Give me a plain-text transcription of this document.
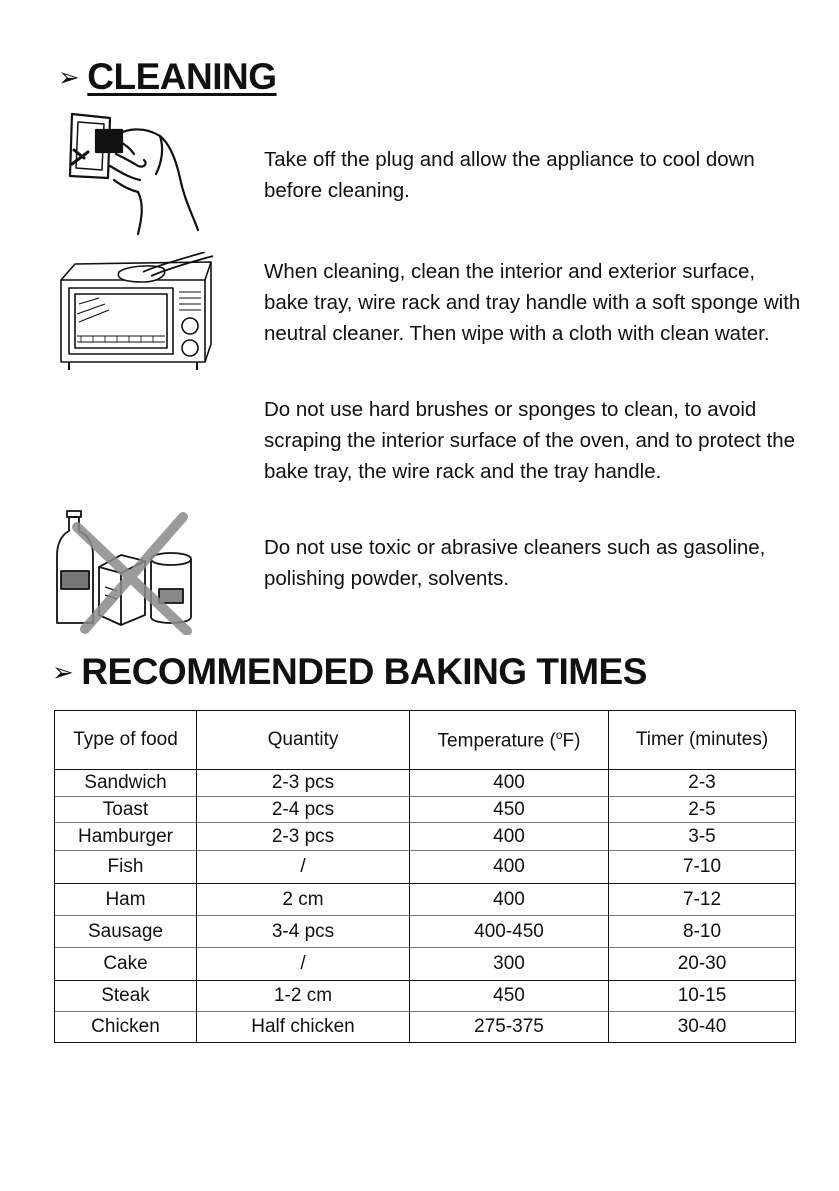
➢ CLEANING

Take off the plug and allow the appliance to cool down before cleaning.

When cleaning, clean the interior and exterior surface, bake tray, wire rack and tray handle with a soft sponge with neutral cleaner. Then wipe with a cloth with clean water.

Do not use hard brushes or sponges to clean, to avoid scraping the interior surface of the oven, and to protect the bake tray, the wire rack and the tray handle.

Do not use toxic or abrasive cleaners such as gasoline, polishing powder, solvents.

➢ RECOMMENDED BAKING TIMES
Type of food	Quantity	Temperature ($^o$F)	Timer (minutes)
Sandwich	2-3 pcs	400	2-3
Toast	2-4 pcs	450	2-5
Hamburger	2-3 pcs	400	3-5
Fish	/	400	7-10
Ham	2 cm	400	7-12
Sausage	3-4 pcs	400-450	8-10
Cake	/	300	20-30
Steak	1-2 cm	450	10-15
Chicken	Half chicken	275-375	30-40
